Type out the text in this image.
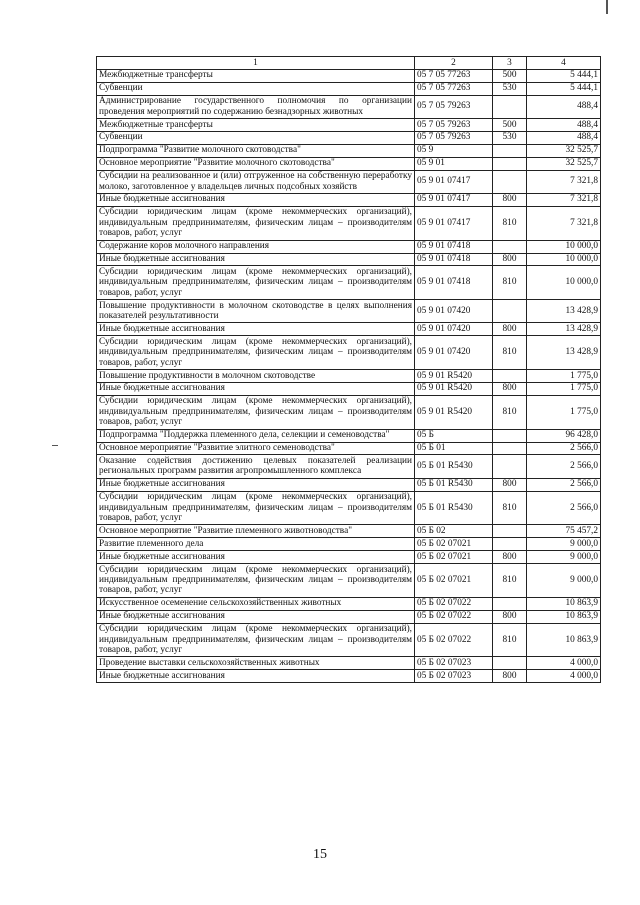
1	2	3	4
Межбюджетные трансферты	05 7 05 77263	500	5 444,1
Субвенции	05 7 05 77263	530	5 444,1
Администрирование государственного полномочия по организации проведения мероприятий по содержанию безнадзорных животных	05 7 05 79263		488,4
Межбюджетные трансферты	05 7 05 79263	500	488,4
Субвенции	05 7 05 79263	530	488,4
Подпрограмма "Развитие молочного скотоводства"	05 9		32 525,7
Основное мероприятие "Развитие молочного скотоводства"	05 9 01		32 525,7
Субсидии на реализованное и (или) отгруженное на собственную переработку молоко, заготовленное у владельцев личных подсобных хозяйств	05 9 01 07417		7 321,8
Иные бюджетные ассигнования	05 9 01 07417	800	7 321,8
Субсидии юридическим лицам (кроме некоммерческих организаций), индивидуальным предпринимателям, физическим лицам – производителям товаров, работ, услуг	05 9 01 07417	810	7 321,8
Содержание коров молочного направления	05 9 01 07418		10 000,0
Иные бюджетные ассигнования	05 9 01 07418	800	10 000,0
Субсидии юридическим лицам (кроме некоммерческих организаций), индивидуальным предпринимателям, физическим лицам – производителям товаров, работ, услуг	05 9 01 07418	810	10 000,0
Повышение продуктивности в молочном скотоводстве в целях выполнения показателей результативности	05 9 01 07420		13 428,9
Иные бюджетные ассигнования	05 9 01 07420	800	13 428,9
Субсидии юридическим лицам (кроме некоммерческих организаций), индивидуальным предпринимателям, физическим лицам – производителям товаров, работ, услуг	05 9 01 07420	810	13 428,9
Повышение продуктивности в молочном скотоводстве	05 9 01 R5420		1 775,0
Иные бюджетные ассигнования	05 9 01 R5420	800	1 775,0
Субсидии юридическим лицам (кроме некоммерческих организаций), индивидуальным предпринимателям, физическим лицам – производителям товаров, работ, услуг	05 9 01 R5420	810	1 775,0
Подпрограмма "Поддержка племенного дела, селекции и семеноводства"	05 Б		96 428,0
Основное мероприятие "Развитие элитного семеноводства"	05 Б 01		2 566,0
Оказание содействия достижению целевых показателей реализации региональных программ развития агропромышленного комплекса	05 Б 01 R5430		2 566,0
Иные бюджетные ассигнования	05 Б 01 R5430	800	2 566,0
Субсидии юридическим лицам (кроме некоммерческих организаций), индивидуальным предпринимателям, физическим лицам – производителям товаров, работ, услуг	05 Б 01 R5430	810	2 566,0
Основное мероприятие "Развитие племенного животноводства"	05 Б 02		75 457,2
Развитие племенного дела	05 Б 02 07021		9 000,0
Иные бюджетные ассигнования	05 Б 02 07021	800	9 000,0
Субсидии юридическим лицам (кроме некоммерческих организаций), индивидуальным предпринимателям, физическим лицам – производителям товаров, работ, услуг	05 Б 02 07021	810	9 000,0
Искусственное осеменение сельскохозяйственных животных	05 Б 02 07022		10 863,9
Иные бюджетные ассигнования	05 Б 02 07022	800	10 863,9
Субсидии юридическим лицам (кроме некоммерческих организаций), индивидуальным предпринимателям, физическим лицам – производителям товаров, работ, услуг	05 Б 02 07022	810	10 863,9
Проведение выставки сельскохозяйственных животных	05 Б 02 07023		4 000,0
Иные бюджетные ассигнования	05 Б 02 07023	800	4 000,0
15
